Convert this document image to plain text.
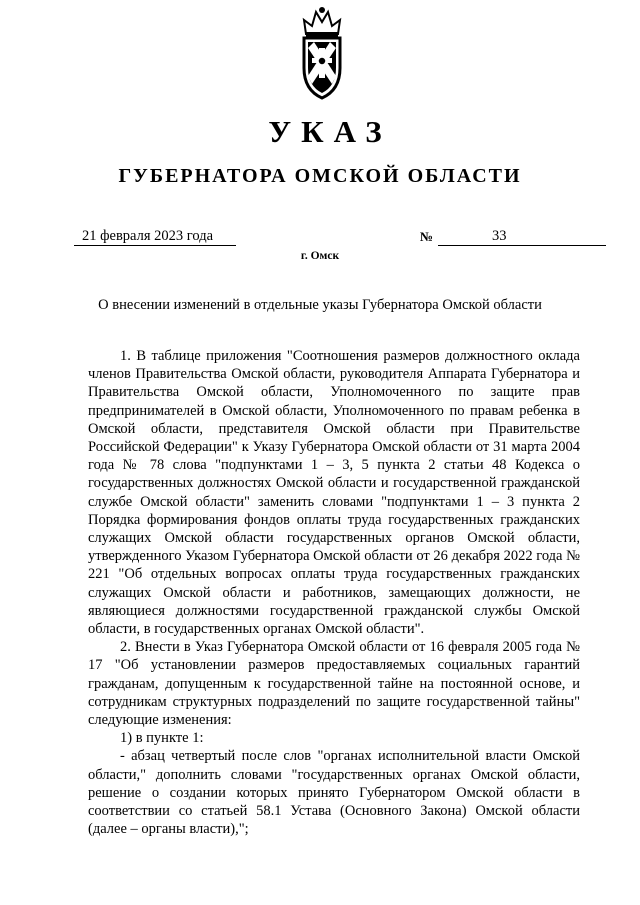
УКАЗ
ГУБЕРНАТОРА ОМСКОЙ ОБЛАСТИ
21 февраля 2023 года	№	33
г. Омск
О внесении изменений в отдельные указы Губернатора Омской области

1. В таблице приложения "Соотношения размеров должностного оклада членов Правительства Омской области, руководителя Аппарата Губернатора и Правительства Омской области, Уполномоченного по защите прав предпринимателей в Омской области, Уполномоченного по правам ребенка в Омской области, представителя Омской области при Правительстве Российской Федерации" к Указу Губернатора Омской области от 31 марта 2004 года № 78 слова "подпунктами 1 – 3, 5 пункта 2 статьи 48 Кодекса о государственных должностях Омской области и государственной гражданской службе Омской области" заменить словами "подпунктами 1 – 3 пункта 2 Порядка формирования фондов оплаты труда государственных гражданских служащих Омской области государственных органов Омской области, утвержденного Указом Губернатора Омской области от 26 декабря 2022 года № 221 "Об отдельных вопросах оплаты труда государственных гражданских служащих Омской области и работников, замещающих должности, не являющиеся должностями государственной гражданской службы Омской области, в государственных органах Омской области".

2. Внести в Указ Губернатора Омской области от 16 февраля 2005 года № 17 "Об установлении размеров предоставляемых социальных гарантий гражданам, допущенным к государственной тайне на постоянной основе, и сотрудникам структурных подразделений по защите государственной тайны" следующие изменения:

1) в пункте 1:

- абзац четвертый после слов "органах исполнительной власти Омской области," дополнить словами "государственных органах Омской области, решение о создании которых принято Губернатором Омской области в соответствии со статьей 58.1 Устава (Основного Закона) Омской области (далее – органы власти),";
